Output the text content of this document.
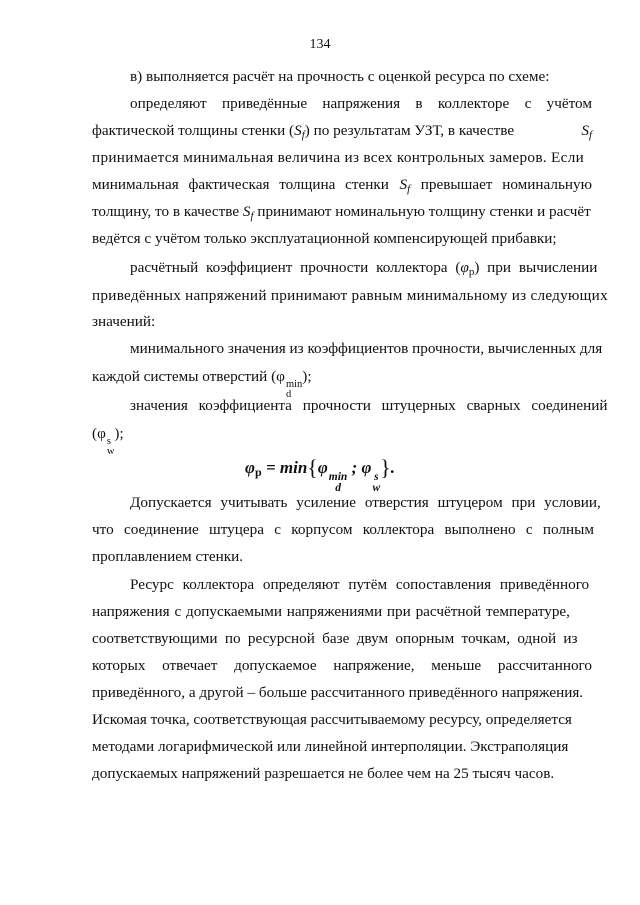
134
в) выполняется расчёт на прочность с оценкой ресурса по схеме:
определяют приведённые напряжения в коллекторе с учётом
фактической толщины стенки $(S_f)$ по результатам УЗТ, в качестве	$S_f$
принимается минимальная величина из всех контрольных замеров. Если
минимальная фактическая толщина стенки $S_f$ превышает номинальную
толщину, то в качестве $S_f$ принимают номинальную толщину стенки и расчёт
ведётся с учётом только эксплуатационной компенсирующей прибавки;
расчётный коэффициент прочности коллектора ( $\varphi_р$ ) при вычислении
приведённых напряжений принимают равным минимальному из следующих
значений:
минимального значения из коэффициентов прочности, вычисленных для
каждой системы отверстий (φ min
d
);
значения коэффициента прочности штуцерных сварных соединений
(φ s
w
);
Допускается учитывать усиление отверстия штуцером при условии,
что соединение штуцера с корпусом коллектора выполнено с полным
проплавлением стенки.
Ресурс коллектора определяют путём сопоставления приведённого
напряжения с допускаемыми напряжениями при расчётной температуре,
соответствующими по ресурсной базе двум опорным точкам, одной из
которых отвечает допускаемое напряжение, меньше рассчитанного
приведённого, а другой – больше рассчитанного приведённого напряжения.
Искомая точка, соответствующая рассчитываемому ресурсу, определяется
методами логарифмической или линейной интерполяции. Экстраполяция
допускаемых напряжений разрешается не более чем на 25 тысяч часов.
$\varphi_р = \min\{\varphi$ min
d
; φ s
w
}.
